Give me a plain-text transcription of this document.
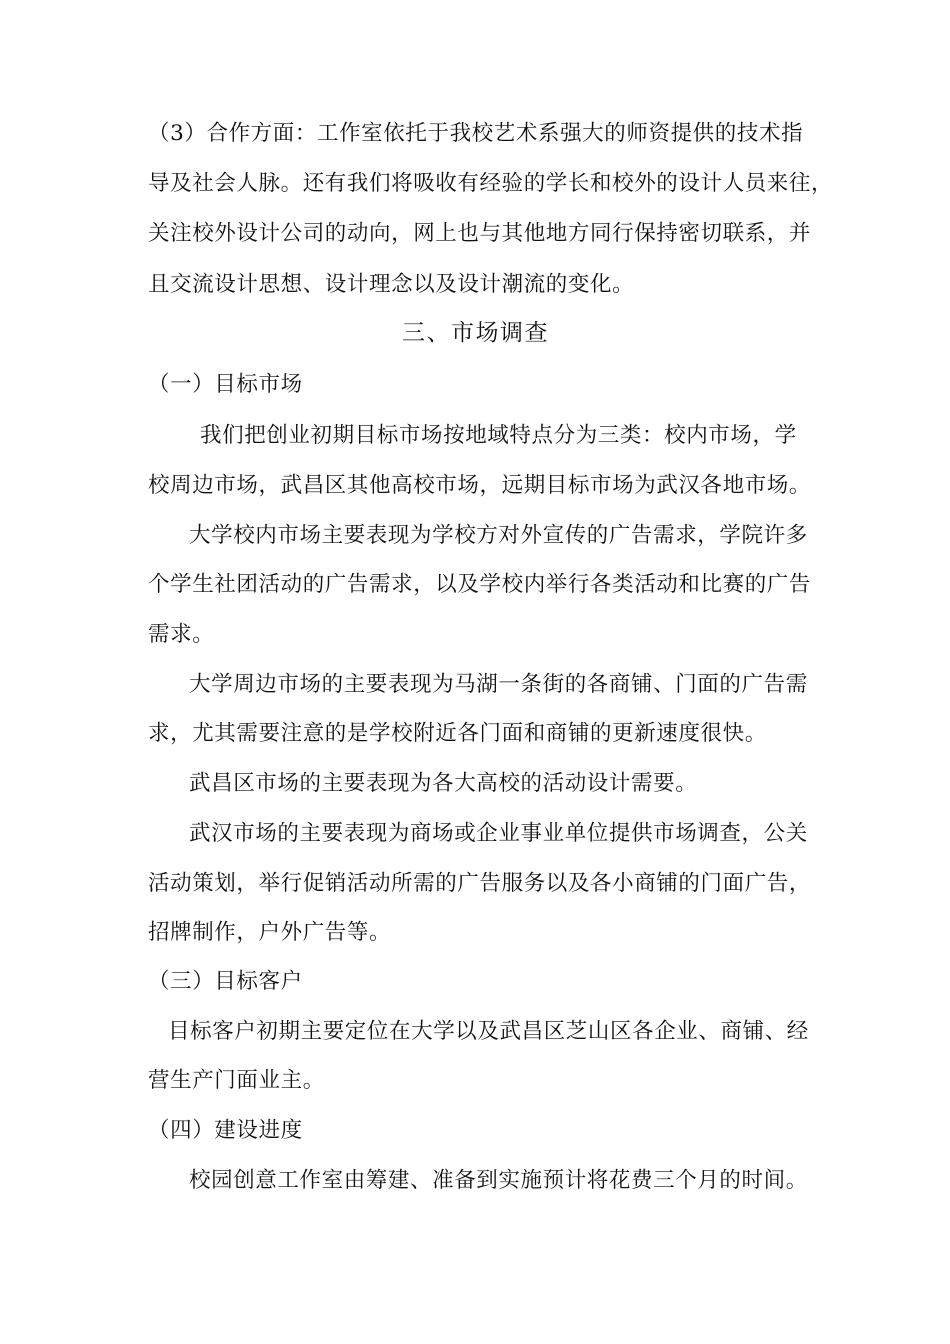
（3）合作方面：工作室依托于我校艺术系强大的师资提供的技术指
导及社会人脉。还有我们将吸收有经验的学长和校外的设计人员来往，
关注校外设计公司的动向，网上也与其他地方同行保持密切联系，并
且交流设计思想、设计理念以及设计潮流的变化。
三、市场调查
（一）目标市场
我们把创业初期目标市场按地域特点分为三类：校内市场，学
校周边市场，武昌区其他高校市场，远期目标市场为武汉各地市场。
大学校内市场主要表现为学校方对外宣传的广告需求，学院许多
个学生社团活动的广告需求，以及学校内举行各类活动和比赛的广告
需求。
大学周边市场的主要表现为马湖一条街的各商铺、门面的广告需
求，尤其需要注意的是学校附近各门面和商铺的更新速度很快。
武昌区市场的主要表现为各大高校的活动设计需要。
武汉市场的主要表现为商场或企业事业单位提供市场调查，公关
活动策划，举行促销活动所需的广告服务以及各小商铺的门面广告，
招牌制作，户外广告等。
（三）目标客户
目标客户初期主要定位在大学以及武昌区芝山区各企业、商铺、经
营生产门面业主。
（四）建设进度
校园创意工作室由筹建、准备到实施预计将花费三个月的时间。
